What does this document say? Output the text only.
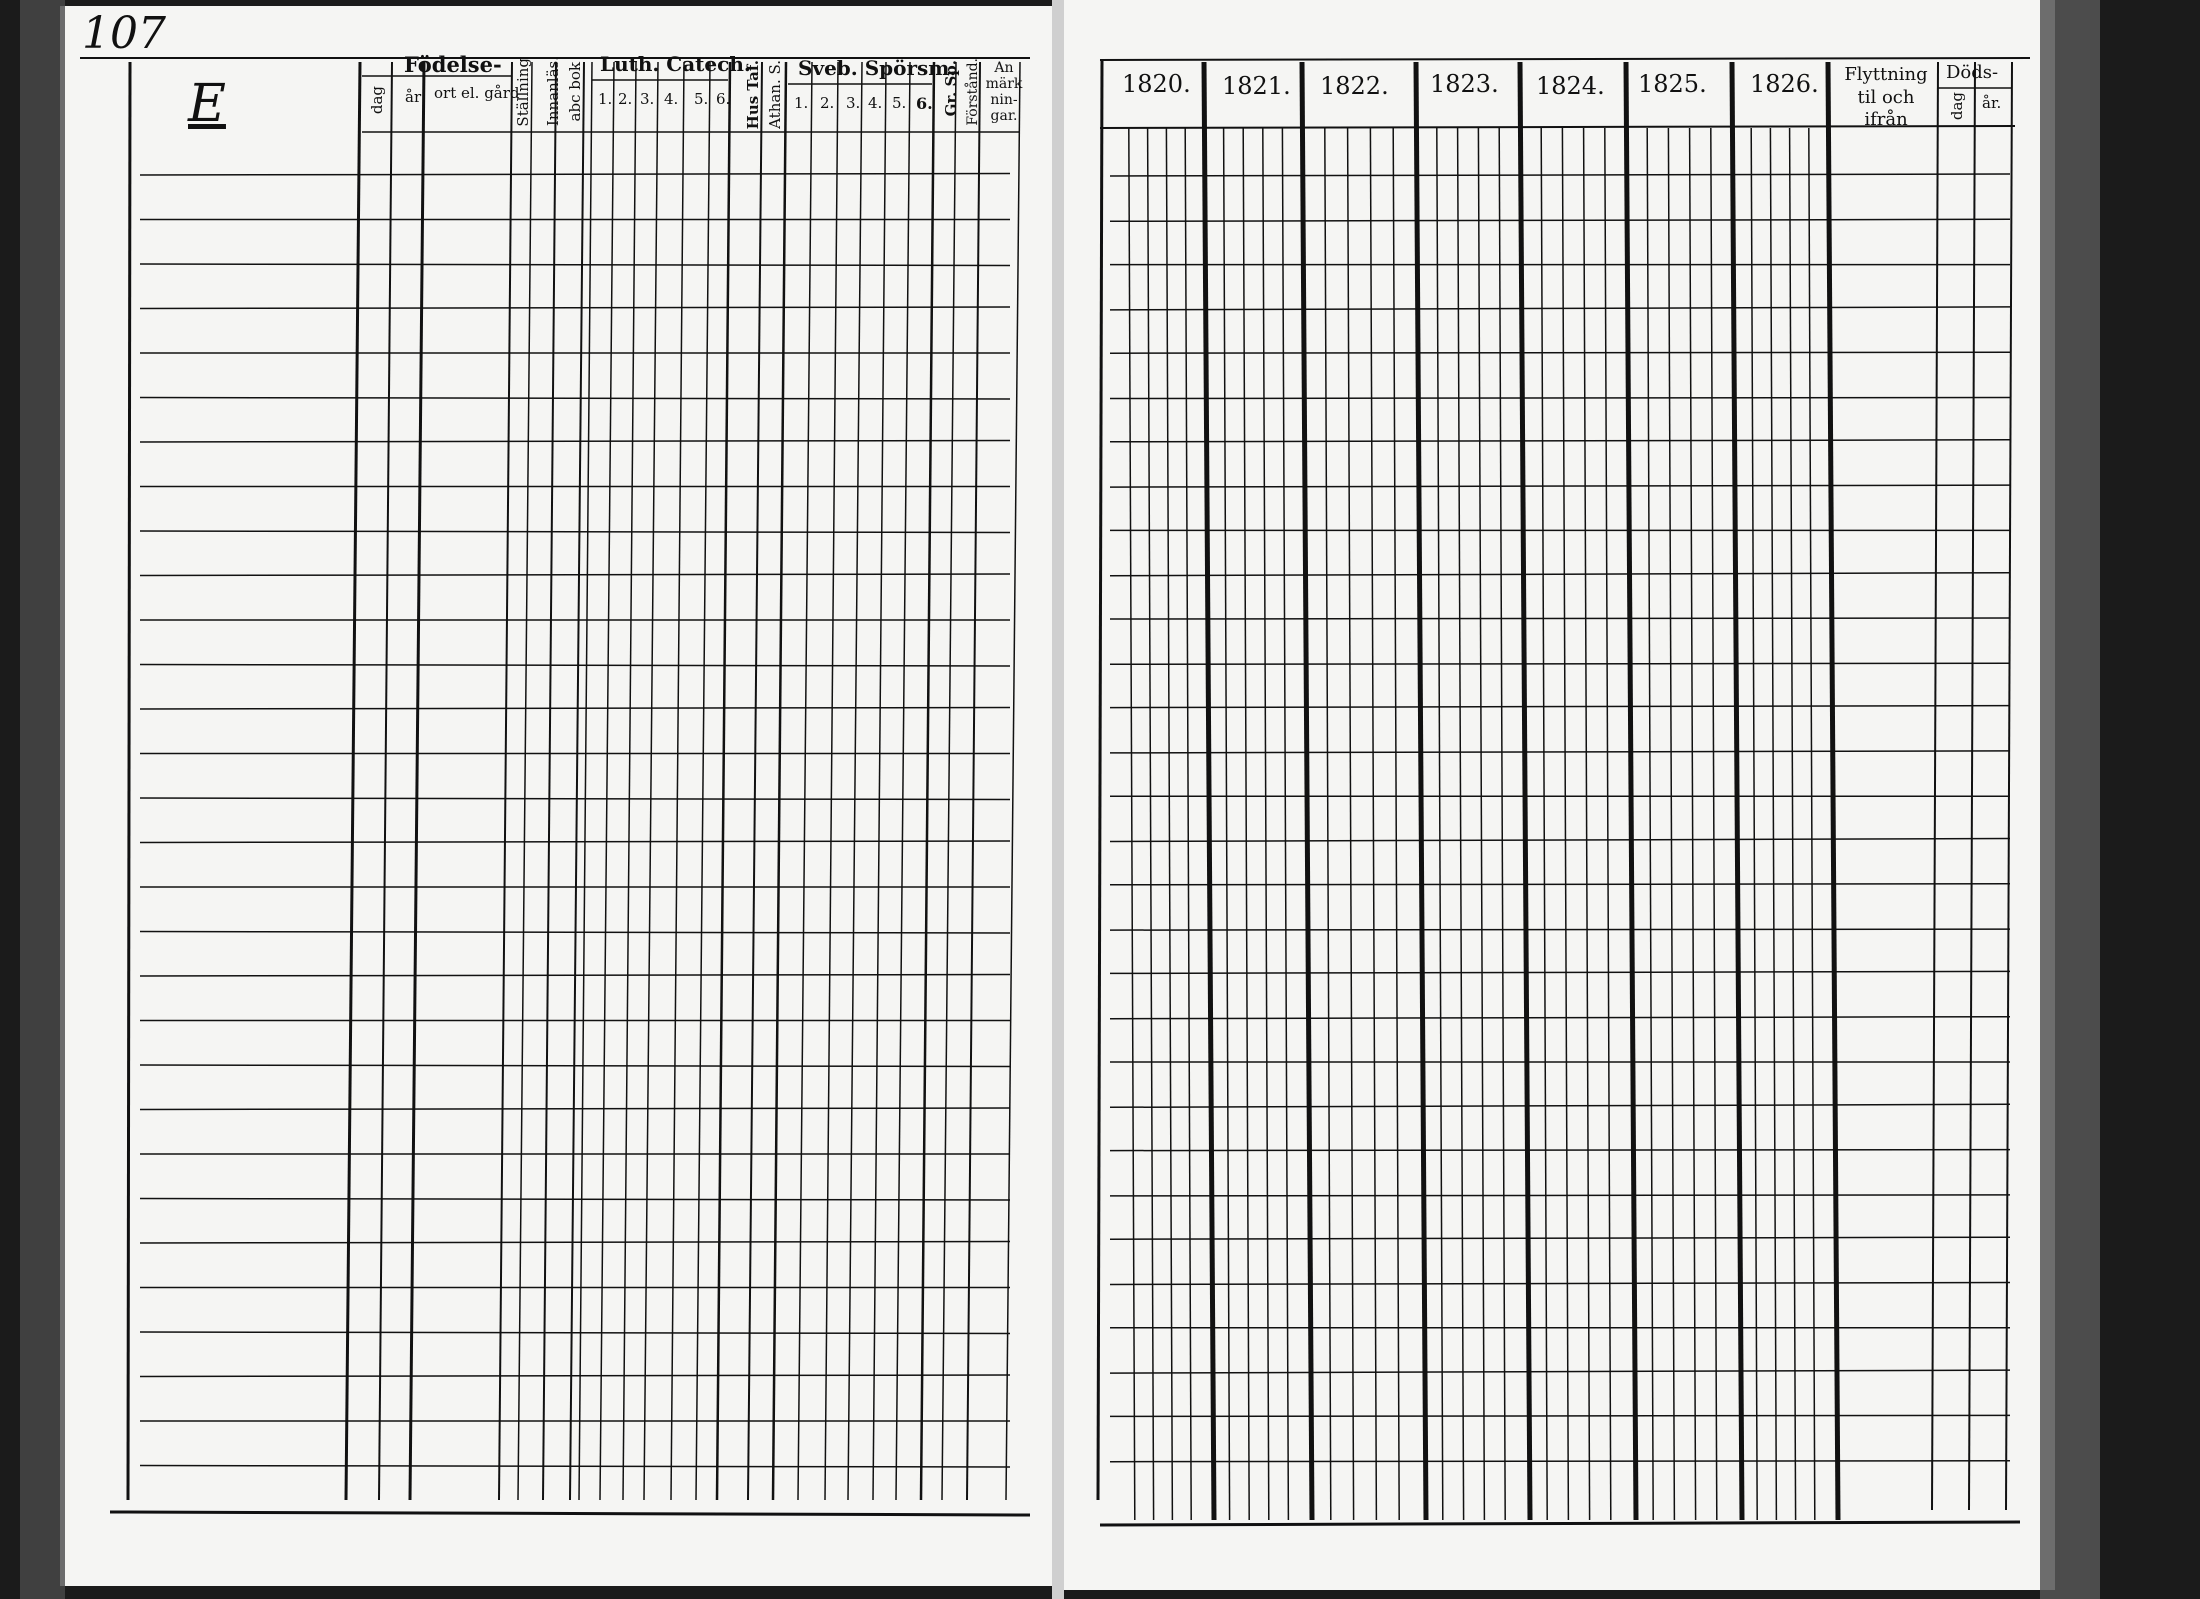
107
E
Födelse-
dag år ort el. gård
Ställning Innanläs. abc bok Luth. Catech.
1. 2. 3. 4. 5. 6. Hus Taf. Athan. S. Sveb. Spörsm.
1. 2. 3. 4. 5. 6. Gr. Sp. Förstånd. An märk nin- gar.
1820. 1821. 1822. 1823. 1824. 1825. 1826.	Flyttning til och ifrån
Döds-
dag år.
